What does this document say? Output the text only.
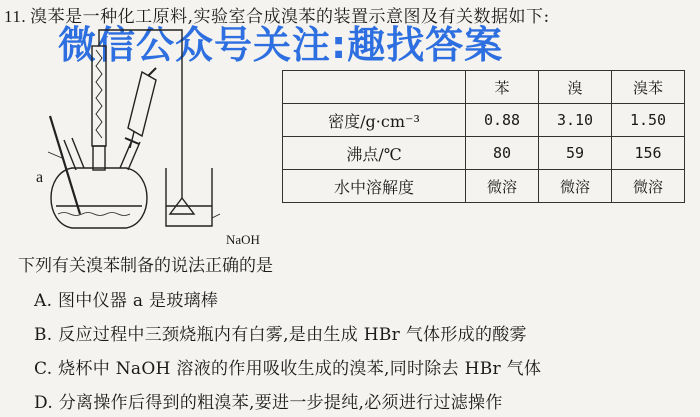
11. 溴苯是一种化工原料,实验室合成溴苯的装置示意图及有关数据如下:
微信公众号关注:趣找答案
a
NaOH
	苯	溴	溴苯
密度/g·cm⁻³	0.88	3.10	1.50
沸点/℃	80	59	156
水中溶解度	微溶	微溶	微溶
下列有关溴苯制备的说法正确的是
A. 图中仪器 a 是玻璃棒
B. 反应过程中三颈烧瓶内有白雾,是由生成 HBr 气体形成的酸雾
C. 烧杯中 NaOH 溶液的作用吸收生成的溴苯,同时除去 HBr 气体
D. 分离操作后得到的粗溴苯,要进一步提纯,必须进行过滤操作
